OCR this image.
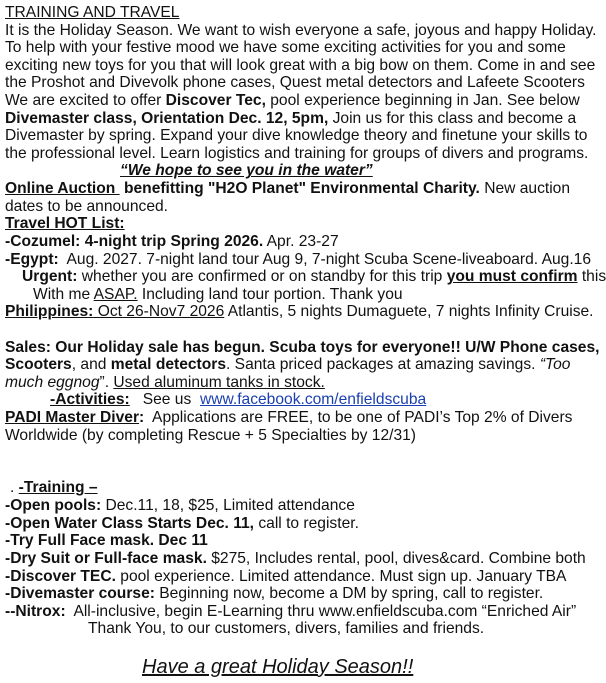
TRAINING AND TRAVEL
It is the Holiday Season. We want to wish everyone a safe, joyous and happy Holiday.
To help with your festive mood we have some exciting activities for you and some
exciting new toys for you that will look great with a big bow on them. Come in and see
the Proshot and Divevolk phone cases, Quest metal detectors and Lafeete Scooters
We are excited to offer Discover Tec, pool experience beginning in Jan. See below
Divemaster class, Orientation Dec. 12, 5pm, Join us for this class and become a
Divemaster by spring. Expand your dive knowledge theory and finetune your skills to
the professional level. Learn logistics and training for groups of divers and programs.
“We hope to see you in the water”
Online Auction  benefitting "H2O Planet" Environmental Charity. New auction
dates to be announced.
Travel HOT List:
-Cozumel: 4-night trip Spring 2026. Apr. 23-27
-Egypt:  Aug. 2027. 7-night land tour Aug 9, 7-night Scuba Scene-liveaboard. Aug.16
Urgent: whether you are confirmed or on standby for this trip you must confirm this
With me ASAP. Including land tour portion. Thank you
Philippines: Oct 26-Nov7 2026 Atlantis, 5 nights Dumaguete, 7 nights Infinity Cruise.
Sales: Our Holiday sale has begun. Scuba toys for everyone!! U/W Phone cases,
Scooters, and metal detectors. Santa priced packages at amazing savings. “Too
much eggnog”. Used aluminum tanks in stock.
-Activities:   See us  www.facebook.com/enfieldscuba
PADI Master Diver:  Applications are FREE, to be one of PADI’s Top 2% of Divers
Worldwide (by completing Rescue + 5 Specialties by 12/31)
. -Training –
-Open pools: Dec.11, 18, $25, Limited attendance
-Open Water Class Starts Dec. 11, call to register.
-Try Full Face mask. Dec 11
-Dry Suit or Full-face mask. $275, Includes rental, pool, dives&card. Combine both
-Discover TEC. pool experience. Limited attendance. Must sign up. January TBA
-Divemaster course: Beginning now, become a DM by spring, call to register.
--Nitrox:  All-inclusive, begin E-Learning thru www.enfieldscuba.com “Enriched Air”
Thank You, to our customers, divers, families and friends.
Have a great Holiday Season!!
